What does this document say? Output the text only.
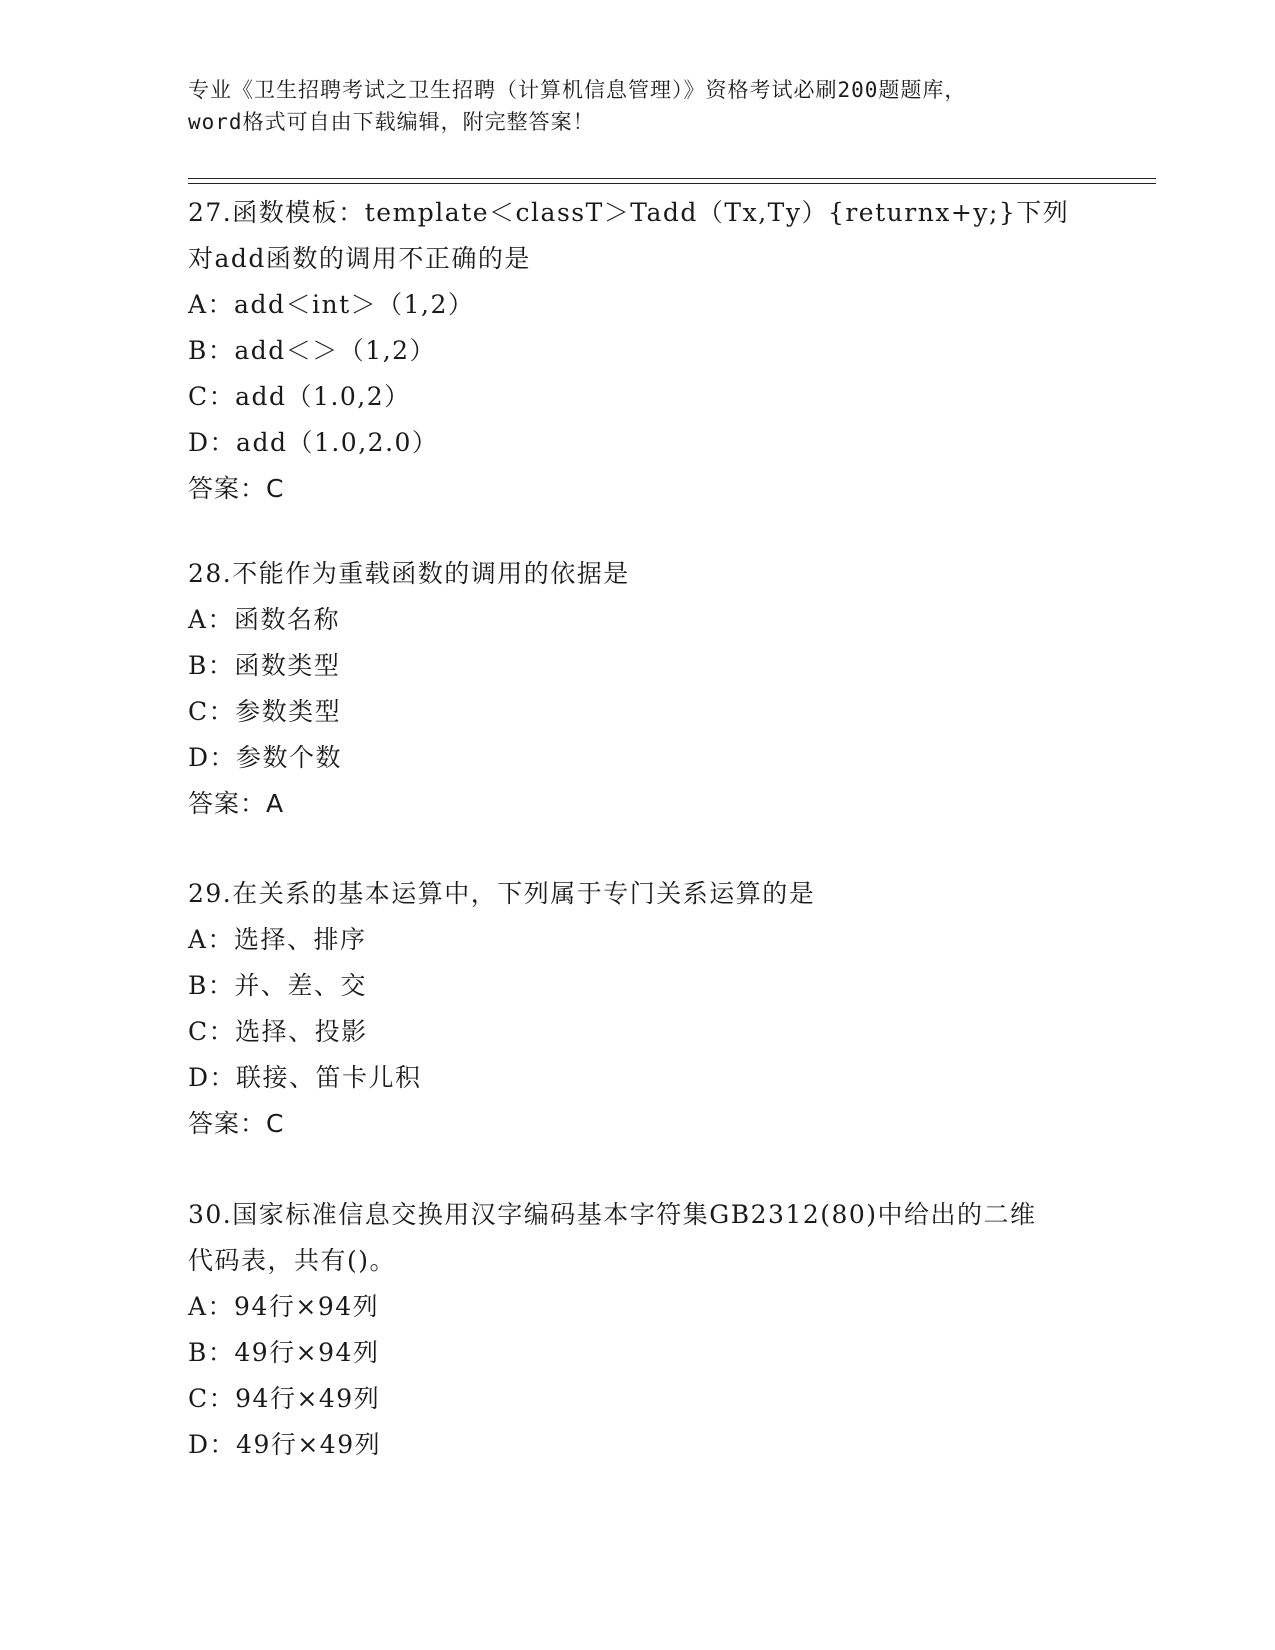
专业《卫生招聘考试之卫生招聘（计算机信息管理）》资格考试必刷200题题库，
word格式可自由下载编辑，附完整答案！
27.函数模板：template＜classT＞Tadd（Tx,Ty）{returnx+y;}下列
对add函数的调用不正确的是
A：add＜int＞（1,2）
B：add＜＞（1,2）
C：add（1.0,2）
D：add（1.0,2.0）
答案：C
28.不能作为重载函数的调用的依据是
A：函数名称
B：函数类型
C：参数类型
D：参数个数
答案：A
29.在关系的基本运算中，下列属于专门关系运算的是
A：选择、排序
B：并、差、交
C：选择、投影
D：联接、笛卡儿积
答案：C
30.国家标准信息交换用汉字编码基本字符集GB2312(80)中给出的二维
代码表，共有()。
A：94行×94列
B：49行×94列
C：94行×49列
D：49行×49列
